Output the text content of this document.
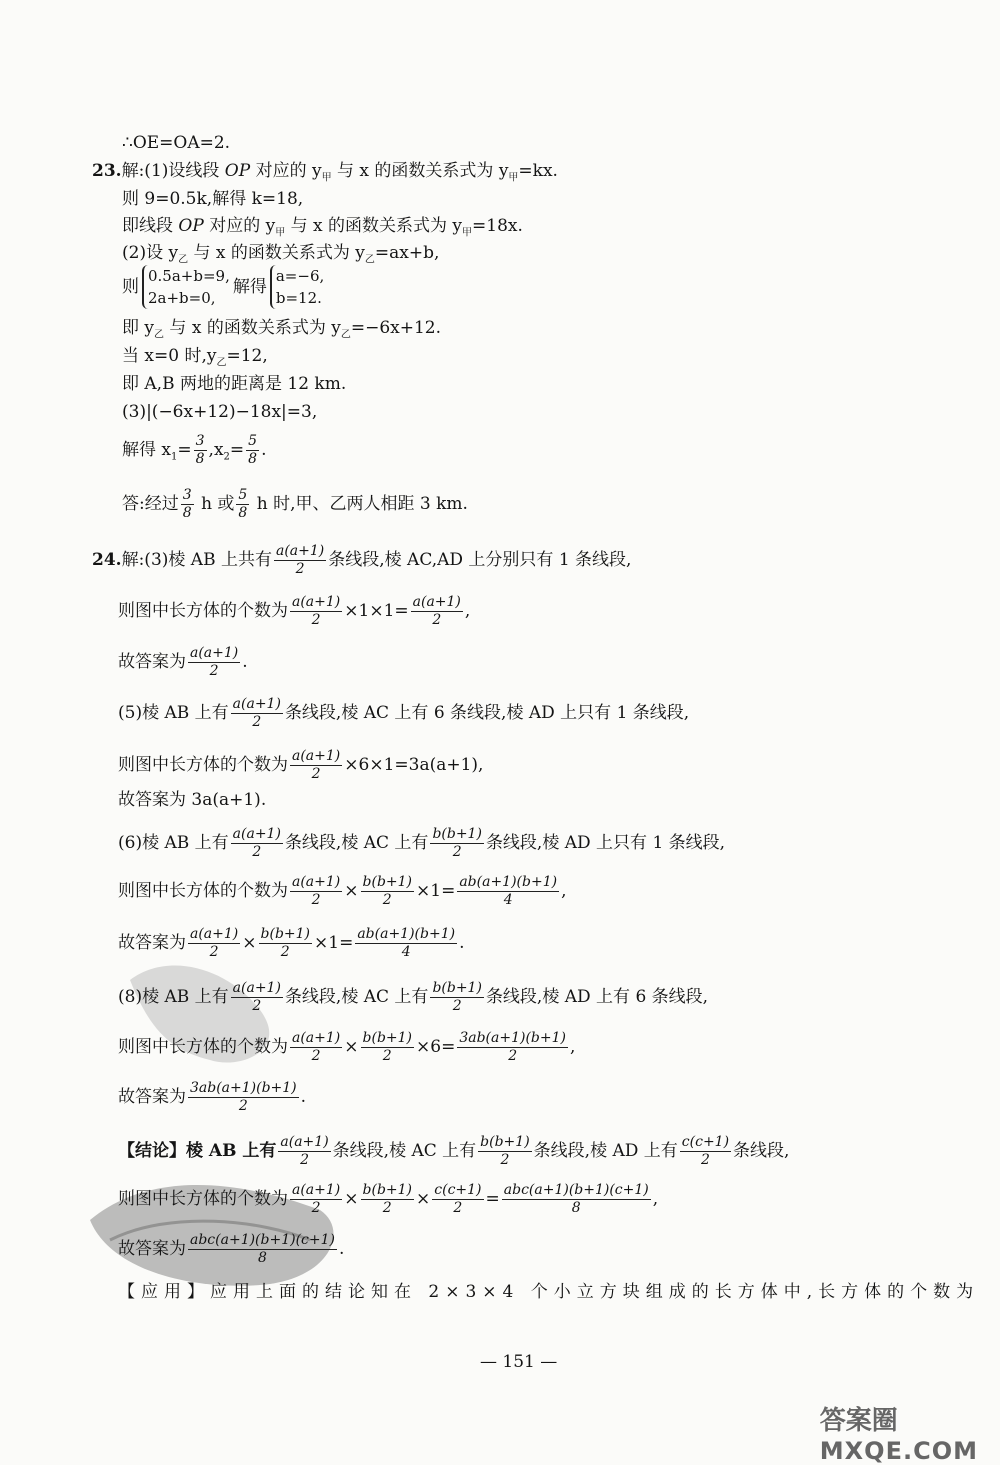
∴OE=OA=2.
23.解:(1)设线段 OP 对应的 $y_甲$ 与 x 的函数关系式为 $y_甲=kx$.
则 9=0.5k,解得 k=18,
即线段 OP 对应的 $y_甲$ 与 x 的函数关系式为 $y_甲=18x$.
(2)设 $y_乙$ 与 x 的函数关系式为 $y_乙=ax+b$,
则
0.5a+b=9,
2a+b=0,
解得
a=−6,
b=12.
即 $y_乙$ 与 x 的函数关系式为 $y_乙=-6x+12$.
当 x=0 时$,y_乙=12$,
即 A,B 两地的距离是 12 km.
(3)|(−6x+12)−18x|=3,
解得 $x_1= \frac{3}{8} ,x_2= \frac{5}{8}$ .
答:经过 $\frac{3}{8}$ h 或 $\frac{5}{8}$ h 时,甲、乙两人相距 3 km.
24.解:(3)棱 AB 上共有 $\frac{a(a+1)}{2}$ 条线段,棱 AC,AD 上分别只有 1 条线段,
则图中长方体的个数为 $\frac{a(a+1)}{2} \times 1\times 1= \frac{a(a+1)}{2}$ ,
故答案为 $\frac{a(a+1)}{2}$ .
(5)棱 AB 上有 $\frac{a(a+1)}{2}$ 条线段,棱 AC 上有 6 条线段,棱 AD 上只有 1 条线段,
则图中长方体的个数为 $\frac{a(a+1)}{2} \times 6\times 1=3a(a+1)$,
故答案为 3a(a+1).
(6)棱 AB 上有 $\frac{a(a+1)}{2}$ 条线段,棱 AC 上有 $\frac{b(b+1)}{2}$ 条线段,棱 AD 上只有 1 条线段,
则图中长方体的个数为 $\frac{a(a+1)}{2} \times \frac{b(b+1)}{2} \times 1= \frac{ab(a+1)(b+1)}{4}$ ,
故答案为 $\frac{a(a+1)}{2} \times \frac{b(b+1)}{2} \times 1= \frac{ab(a+1)(b+1)}{4}$ .
(8)棱 AB 上有 $\frac{a(a+1)}{2}$ 条线段,棱 AC 上有 $\frac{b(b+1)}{2}$ 条线段,棱 AD 上有 6 条线段,
则图中长方体的个数为 $\frac{a(a+1)}{2} \times \frac{b(b+1)}{2} \times 6= \frac{3ab(a+1)(b+1)}{2}$ ,
故答案为 $\frac{3ab(a+1)(b+1)}{2}$ .
【结论】棱 AB 上有 $\frac{a(a+1)}{2}$ 条线段,棱 AC 上有 $\frac{b(b+1)}{2}$ 条线段,棱 AD 上有 $\frac{c(c+1)}{2}$ 条线段,
则图中长方体的个数为 $\frac{a(a+1)}{2} \times \frac{b(b+1)}{2} \times \frac{c(c+1)}{2} = \frac{\text{abc(a+1)(b+1)(c+1)}}{8}$ ,
故答案为 $\frac{\text{abc(a+1)(b+1)(c+1)}}{8}$ .
【应用】应用上面的结论知在 2×3×4 个小立方块组成的长方体中,长方体的个数为
— 151 —
答案圈
MXQE.COM
